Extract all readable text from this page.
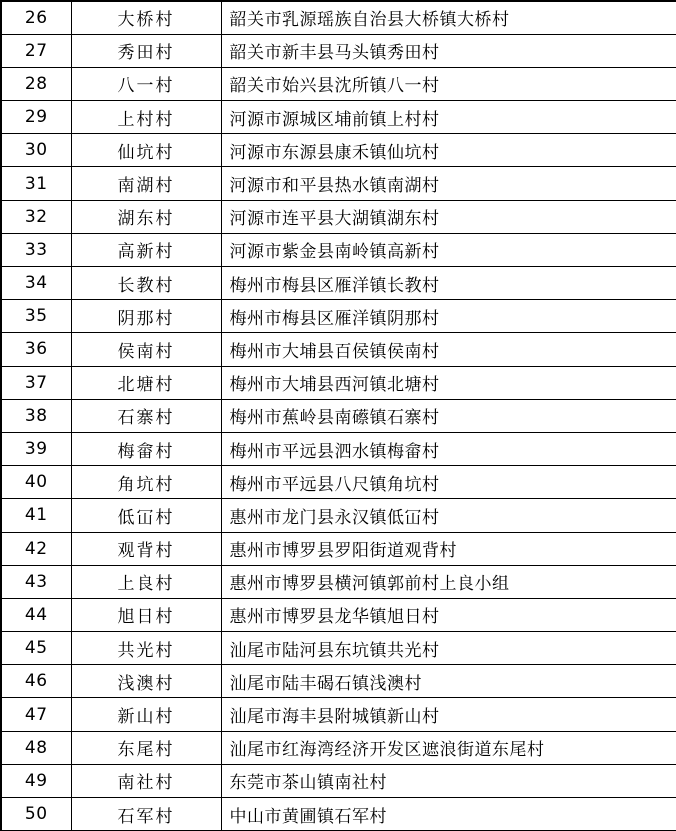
26	大桥村	韶关市乳源瑶族自治县大桥镇大桥村
27	秀田村	韶关市新丰县马头镇秀田村
28	八一村	韶关市始兴县沈所镇八一村
29	上村村	河源市源城区埔前镇上村村
30	仙坑村	河源市东源县康禾镇仙坑村
31	南湖村	河源市和平县热水镇南湖村
32	湖东村	河源市连平县大湖镇湖东村
33	高新村	河源市紫金县南岭镇高新村
34	长教村	梅州市梅县区雁洋镇长教村
35	阴那村	梅州市梅县区雁洋镇阴那村
36	侯南村	梅州市大埔县百侯镇侯南村
37	北塘村	梅州市大埔县西河镇北塘村
38	石寨村	梅州市蕉岭县南礤镇石寨村
39	梅畲村	梅州市平远县泗水镇梅畲村
40	角坑村	梅州市平远县八尺镇角坑村
41	低冚村	惠州市龙门县永汉镇低冚村
42	观背村	惠州市博罗县罗阳街道观背村
43	上良村	惠州市博罗县横河镇郭前村上良小组
44	旭日村	惠州市博罗县龙华镇旭日村
45	共光村	汕尾市陆河县东坑镇共光村
46	浅澳村	汕尾市陆丰碣石镇浅澳村
47	新山村	汕尾市海丰县附城镇新山村
48	东尾村	汕尾市红海湾经济开发区遮浪街道东尾村
49	南社村	东莞市茶山镇南社村
50	石军村	中山市黄圃镇石军村
